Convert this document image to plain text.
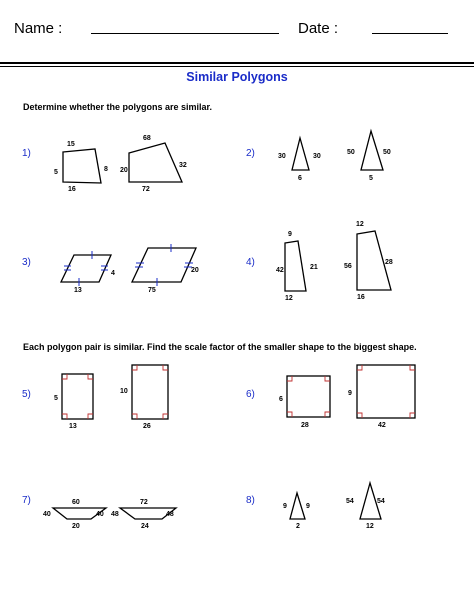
Name :	Date :
Similar Polygons
Determine whether the polygons are similar.
1)	2)
3)	4)
Each polygon pair is similar. Find the scale factor of the smaller shape to the biggest shape.
5)	6)
7)	8)
15
5	8
16
68
20
32
72
30	30
6
50	50
5
4
13
20
75
9
42	21
12
12
56
28
16
5
13
10
26
6
28
9
42
60
40	40
20
72
48	48
24
9	9
2
54	54
12
